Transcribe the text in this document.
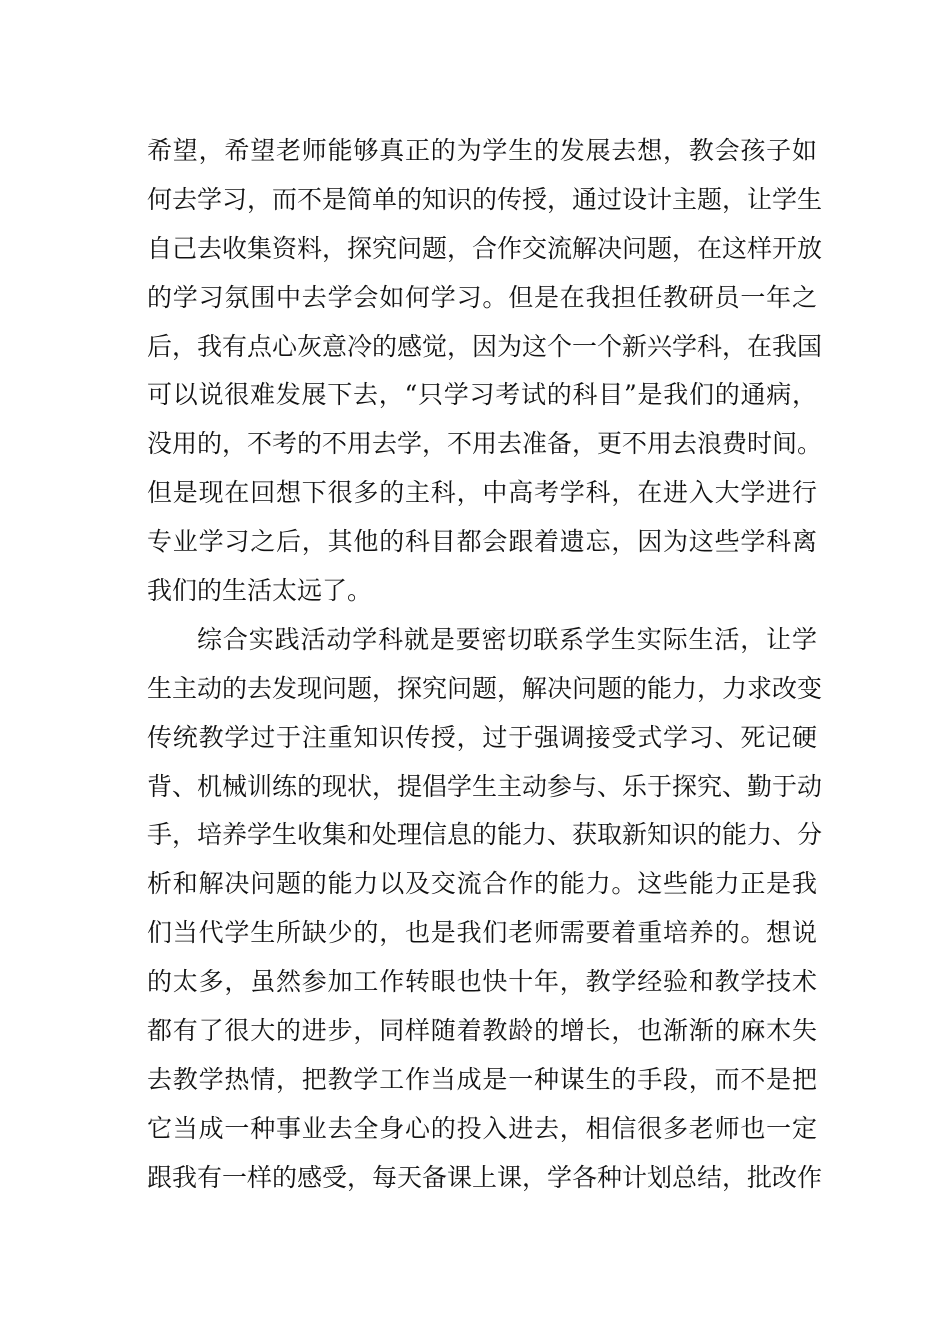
希望，希望老师能够真正的为学生的发展去想，教会孩子如
何去学习，而不是简单的知识的传授，通过设计主题，让学生
自己去收集资料，探究问题，合作交流解决问题，在这样开放
的学习氛围中去学会如何学习。但是在我担任教研员一年之
后，我有点心灰意冷的感觉，因为这个一个新兴学科，在我国
可以说很难发展下去，“只学习考试的科目”是我们的通病，
没用的，不考的不用去学，不用去准备，更不用去浪费时间。
但是现在回想下很多的主科，中高考学科，在进入大学进行
专业学习之后，其他的科目都会跟着遗忘，因为这些学科离
我们的生活太远了。
综合实践活动学科就是要密切联系学生实际生活，让学
生主动的去发现问题，探究问题，解决问题的能力，力求改变
传统教学过于注重知识传授，过于强调接受式学习、死记硬
背、机械训练的现状，提倡学生主动参与、乐于探究、勤于动
手，培养学生收集和处理信息的能力、获取新知识的能力、分
析和解决问题的能力以及交流合作的能力。这些能力正是我
们当代学生所缺少的，也是我们老师需要着重培养的。想说
的太多，虽然参加工作转眼也快十年，教学经验和教学技术
都有了很大的进步，同样随着教龄的增长，也渐渐的麻木失
去教学热情，把教学工作当成是一种谋生的手段，而不是把
它当成一种事业去全身心的投入进去，相信很多老师也一定
跟我有一样的感受，每天备课上课，学各种计划总结，批改作
